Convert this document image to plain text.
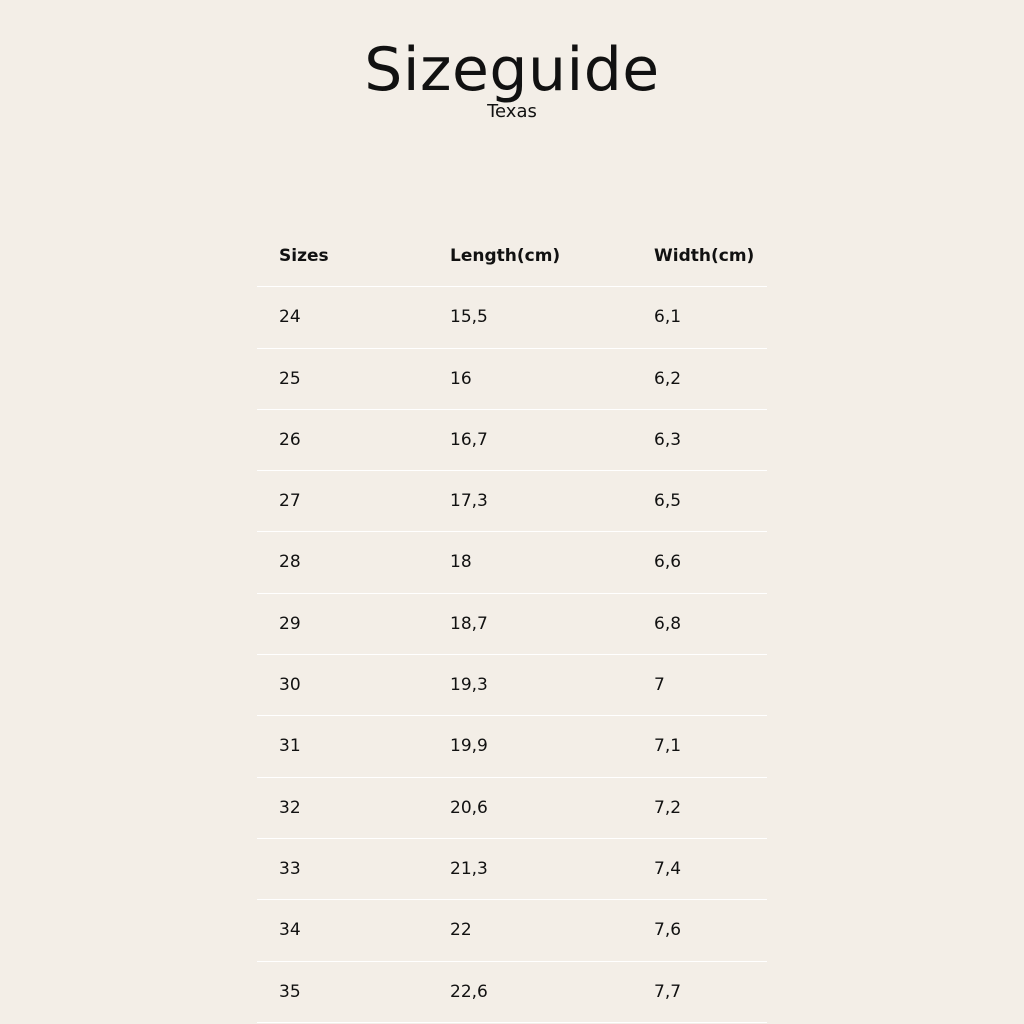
Sizeguide
Texas
Sizes	Length(cm)	Width(cm)
24	15,5	6,1
25	16	6,2
26	16,7	6,3
27	17,3	6,5
28	18	6,6
29	18,7	6,8
30	19,3	7
31	19,9	7,1
32	20,6	7,2
33	21,3	7,4
34	22	7,6
35	22,6	7,7
